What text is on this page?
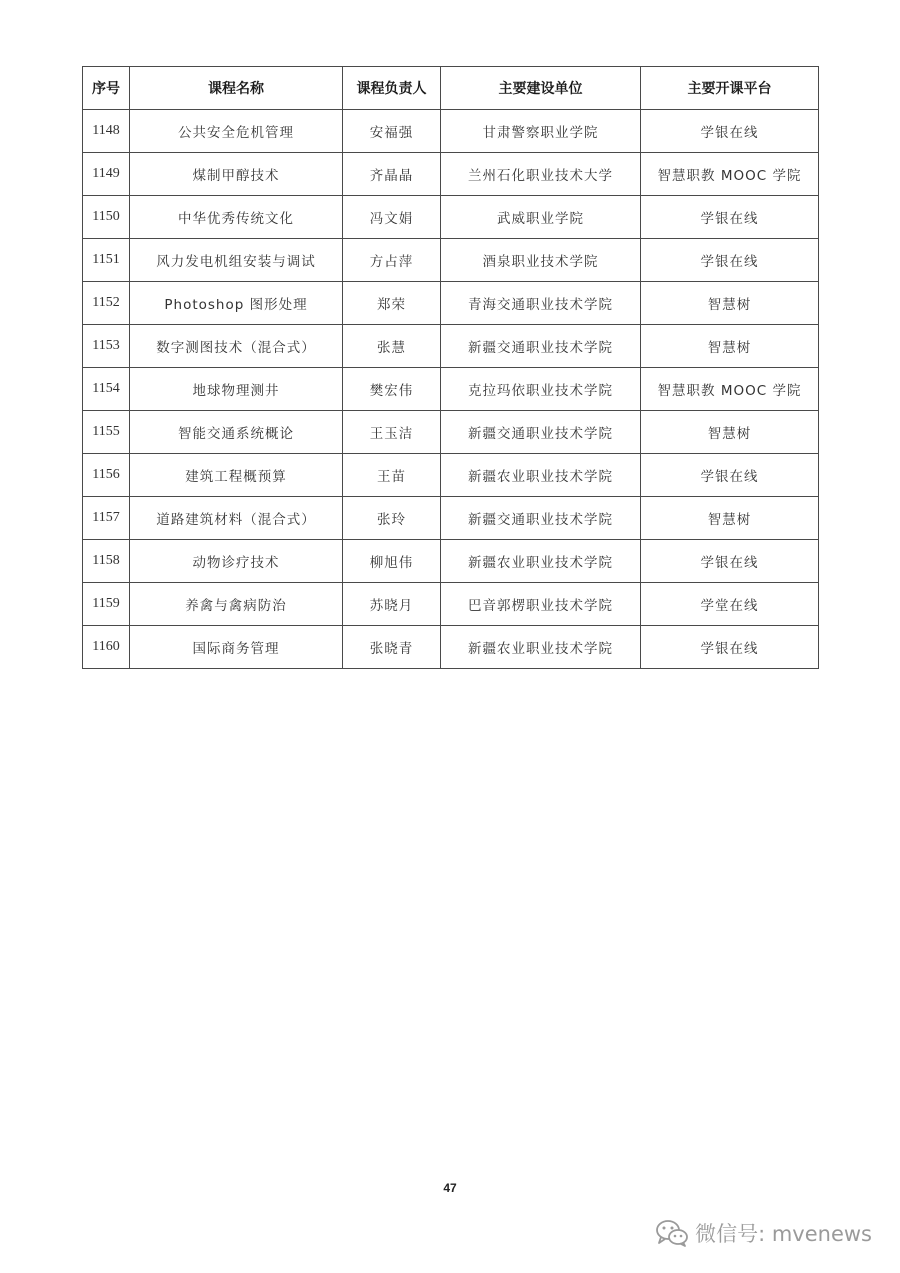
序号	课程名称	课程负责人	主要建设单位	主要开课平台
1148	公共安全危机管理	安福强	甘肃警察职业学院	学银在线
1149	煤制甲醇技术	齐晶晶	兰州石化职业技术大学	智慧职教 MOOC 学院
1150	中华优秀传统文化	冯文娟	武威职业学院	学银在线
1151	风力发电机组安装与调试	方占萍	酒泉职业技术学院	学银在线
1152	Photoshop 图形处理	郑荣	青海交通职业技术学院	智慧树
1153	数字测图技术（混合式）	张慧	新疆交通职业技术学院	智慧树
1154	地球物理测井	樊宏伟	克拉玛依职业技术学院	智慧职教 MOOC 学院
1155	智能交通系统概论	王玉洁	新疆交通职业技术学院	智慧树
1156	建筑工程概预算	王苗	新疆农业职业技术学院	学银在线
1157	道路建筑材料（混合式）	张玲	新疆交通职业技术学院	智慧树
1158	动物诊疗技术	柳旭伟	新疆农业职业技术学院	学银在线
1159	养禽与禽病防治	苏晓月	巴音郭楞职业技术学院	学堂在线
1160	国际商务管理	张晓青	新疆农业职业技术学院	学银在线
47
微信号: mvenews
